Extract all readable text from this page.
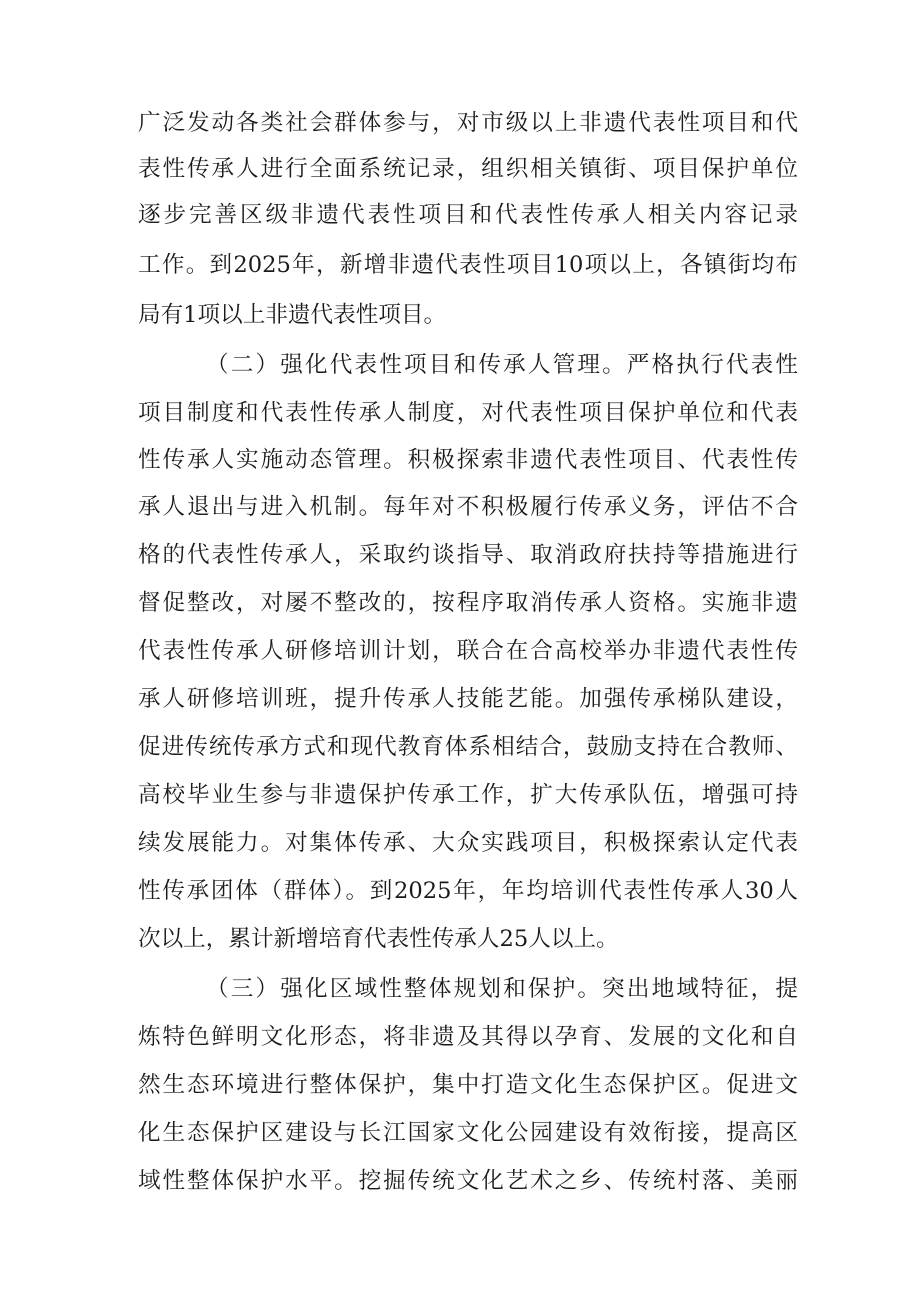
广泛发动各类社会群体参与，对市级以上非遗代表性项目和代
表性传承人进行全面系统记录，组织相关镇街、项目保护单位
逐步完善区级非遗代表性项目和代表性传承人相关内容记录
工作。到2025年，新增非遗代表性项目10项以上，各镇街均布
局有1项以上非遗代表性项目。
（二）强化代表性项目和传承人管理。严格执行代表性
项目制度和代表性传承人制度，对代表性项目保护单位和代表
性传承人实施动态管理。积极探索非遗代表性项目、代表性传
承人退出与进入机制。每年对不积极履行传承义务，评估不合
格的代表性传承人，采取约谈指导、取消政府扶持等措施进行
督促整改，对屡不整改的，按程序取消传承人资格。实施非遗
代表性传承人研修培训计划，联合在合高校举办非遗代表性传
承人研修培训班，提升传承人技能艺能。加强传承梯队建设，
促进传统传承方式和现代教育体系相结合，鼓励支持在合教师、
高校毕业生参与非遗保护传承工作，扩大传承队伍，增强可持
续发展能力。对集体传承、大众实践项目，积极探索认定代表
性传承团体（群体）。到2025年，年均培训代表性传承人30人
次以上，累计新增培育代表性传承人25人以上。
（三）强化区域性整体规划和保护。突出地域特征，提
炼特色鲜明文化形态，将非遗及其得以孕育、发展的文化和自
然生态环境进行整体保护，集中打造文化生态保护区。促进文
化生态保护区建设与长江国家文化公园建设有效衔接，提高区
域性整体保护水平。挖掘传统文化艺术之乡、传统村落、美丽
